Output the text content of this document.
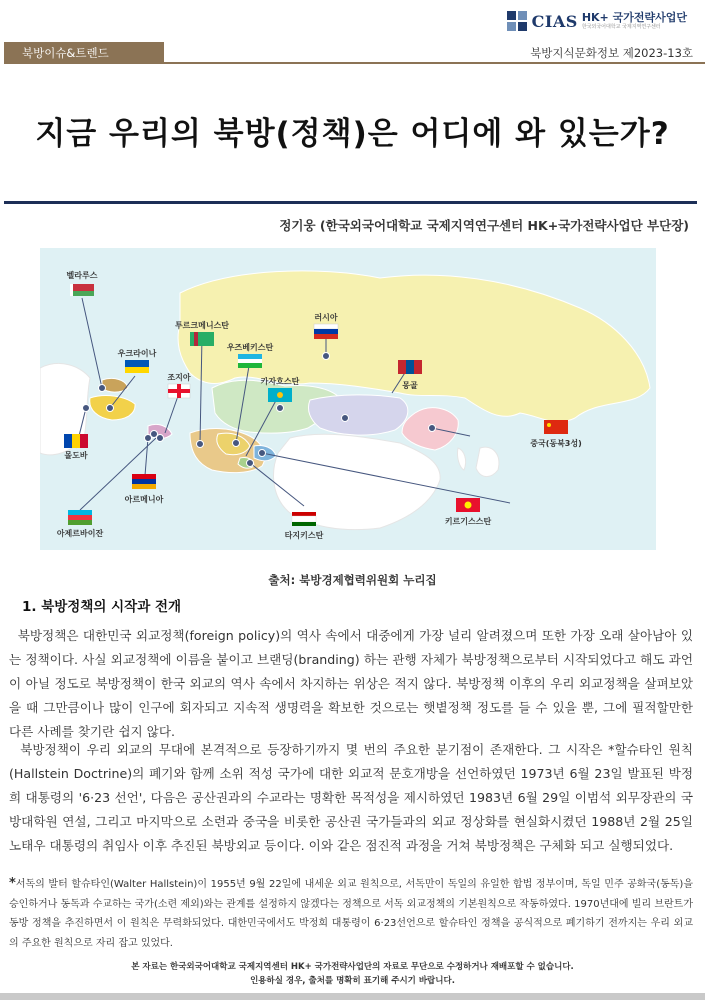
CIAS HK+ 국가전략사업단
한국외국어대학교 국제지역연구센터
북방이슈&트렌드	북방지식문화정보 제2023-13호
지금 우리의 북방(정책)은 어디에 와 있는가?
정기웅 (한국외국어대학교 국제지역연구센터 HK+국가전략사업단 부단장)
벨라루스
우크라이나
조지아
몰도바
아르메니아
아제르바이잔
투르크메니스탄
우즈베키스탄
카자흐스탄
러시아
몽골
중국(동북3성)
키르기스스탄
타지키스탄
출처: 북방경제협력위원회 누리집
1. 북방정책의 시작과 전개
북방정책은 대한민국 외교정책(foreign policy)의 역사 속에서 대중에게 가장 널리 알려졌으며 또한 가장 오래 살아남아 있는 정책이다. 사실 외교정책에 이름을 붙이고 브랜딩(branding) 하는 관행 자체가 북방정책으로부터 시작되었다고 해도 과언이 아닐 정도로 북방정책이 한국 외교의 역사 속에서 차지하는 위상은 적지 않다. 북방정책 이후의 우리 외교정책을 살펴보았을 때 그만큼이나 많이 인구에 회자되고 지속적 생명력을 확보한 것으로는 햇볕정책 정도를 들 수 있을 뿐, 그에 필적할만한 다른 사례를 찾기란 쉽지 않다.
북방정책이 우리 외교의 무대에 본격적으로 등장하기까지 몇 번의 주요한 분기점이 존재한다. 그 시작은 *할슈타인 원칙(Hallstein Doctrine)의 폐기와 함께 소위 적성 국가에 대한 외교적 문호개방을 선언하였던 1973년 6월 23일 발표된 박정희 대통령의 '6·23 선언', 다음은 공산권과의 수교라는 명확한 목적성을 제시하였던 1983년 6월 29일 이범석 외무장관의 국방대학원 연설, 그리고 마지막으로 소련과 중국을 비롯한 공산권 국가들과의 외교 정상화를 현실화시켰던 1988년 2월 25일 노태우 대통령의 취임사 이후 추진된 북방외교 등이다. 이와 같은 점진적 과정을 거쳐 북방정책은 구체화 되고 실행되었다.
*서독의 발터 할슈타인(Walter Hallstein)이 1955년 9월 22일에 내세운 외교 원칙으로, 서독만이 독일의 유일한 합법 정부이며, 독일 민주 공화국(동독)을 승인하거나 동독과 수교하는 국가(소련 제외)와는 관계를 설정하지 않겠다는 정책으로 서독 외교정책의 기본원칙으로 작동하였다. 1970년대에 빌리 브란트가 동방 정책을 추진하면서 이 원칙은 무력화되었다. 대한민국에서도 박정희 대통령이 6·23선언으로 할슈타인 정책을 공식적으로 폐기하기 전까지는 우리 외교의 주요한 원칙으로 자리 잡고 있었다.
본 자료는 한국외국어대학교 국제지역센터 HK+ 국가전략사업단의 자료로 무단으로 수정하거나 재배포할 수 없습니다.
인용하실 경우, 출처를 명확히 표기해 주시기 바랍니다.
